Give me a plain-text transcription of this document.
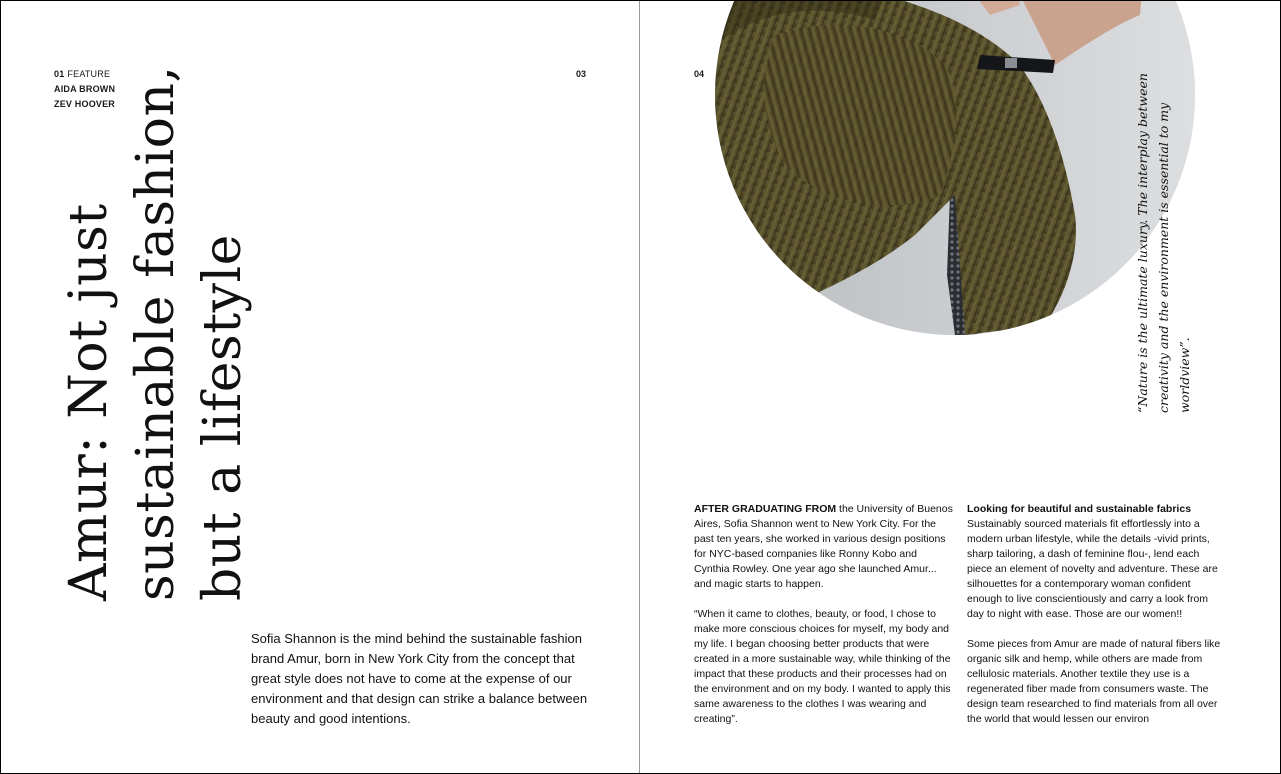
01 FEATURE
AIDA BROWN
ZEV HOOVER
03
Amur: Not just sustainable fashion, but a lifestyle
Sofia Shannon is the mind behind the sustainable fashion brand Amur, born in New York City from the concept that great style does not have to come at the expense of our environment and that design can strike a balance between beauty and good intentions.
04	“Nature is the ultimate luxury. The interplay between creativity and the environment is essential to my worldview”.

AFTER GRADUATING FROM the University of Buenos Aires, Sofia Shannon went to New York City. For the past ten years, she worked in various design positions for NYC-based companies like Ronny Kobo and Cynthia Rowley. One year ago she launched Amur... and magic starts to happen.

“When it came to clothes, beauty, or food, I chose to make more conscious choices for myself, my body and my life. I began choosing better products that were created in a more sustainable way, while thinking of the impact that these products and their processes had on the environment and on my body. I wanted to apply this same awareness to the clothes I was wearing and creating”.

Looking for beautiful and sustainable fabrics
Sustainably sourced materials fit effortlessly into a modern urban lifestyle, while the details -vivid prints, sharp tailoring, a dash of feminine flou-, lend each piece an element of novelty and adventure. These are silhouettes for a contemporary woman confident enough to live conscientiously and carry a look from day to night with ease. Those are our women!!

Some pieces from Amur are made of natural fibers like organic silk and hemp, while others are made from cellulosic materials. Another textile they use is a regenerated fiber made from consumers waste. The design team researched to find materials from all over the world that would lessen our environ
